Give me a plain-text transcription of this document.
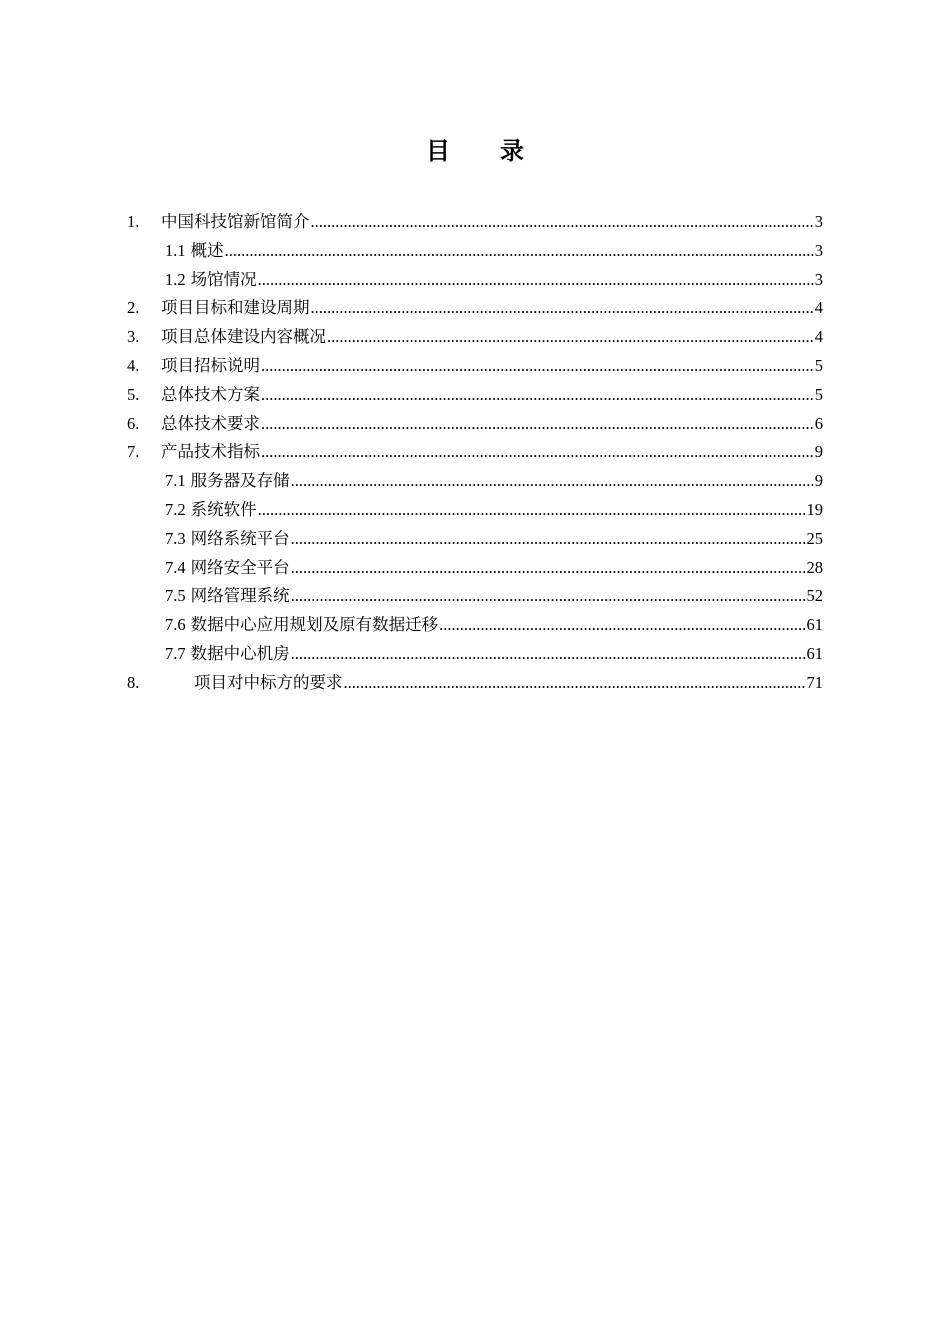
目 录
1.	中国科技馆新馆简介 .....	3
1.1 概述 .....	3
1.2 场馆情况 .....	3
2.	项目目标和建设周期 .....	4
3.	项目总体建设内容概况 .....	4
4.	项目招标说明 .....	5
5.	总体技术方案 .....	5
6.	总体技术要求 .....	6
7.	产品技术指标 .....	9
7.1 服务器及存储 .....	9
7.2 系统软件 .....	19
7.3 网络系统平台 .....	25
7.4 网络安全平台 .....	28
7.5 网络管理系统 .....	52
7.6 数据中心应用规划及原有数据迁移 .....	61
7.7 数据中心机房 .....	61
8.	项目对中标方的要求 .....	71
